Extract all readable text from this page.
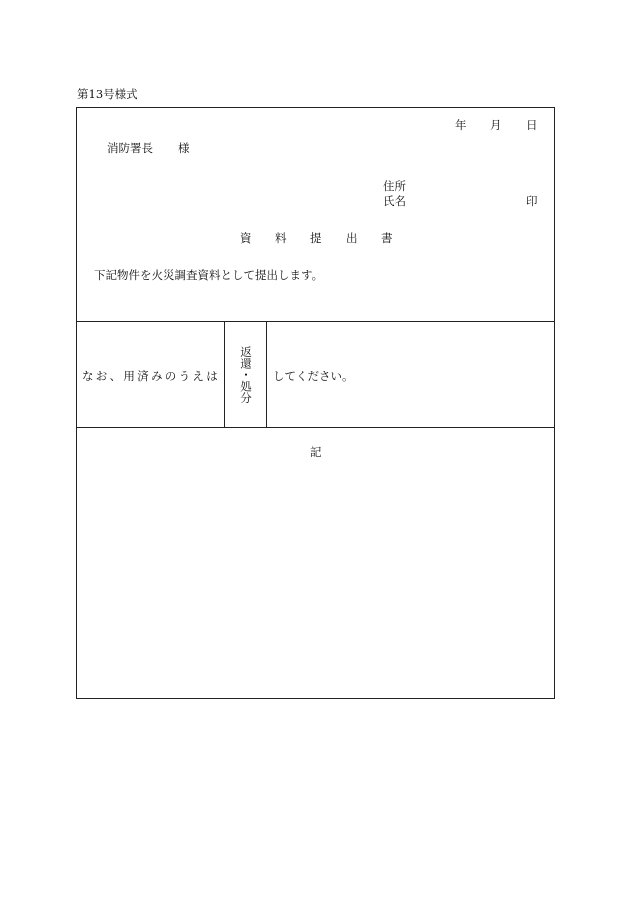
第13号様式
年 月 日
消防署長 様
住所
氏名	印
資 料 提 出 書
下記物件を火災調査資料として提出します。
なお、用済みのうえは 返還・処分 してください。
記
